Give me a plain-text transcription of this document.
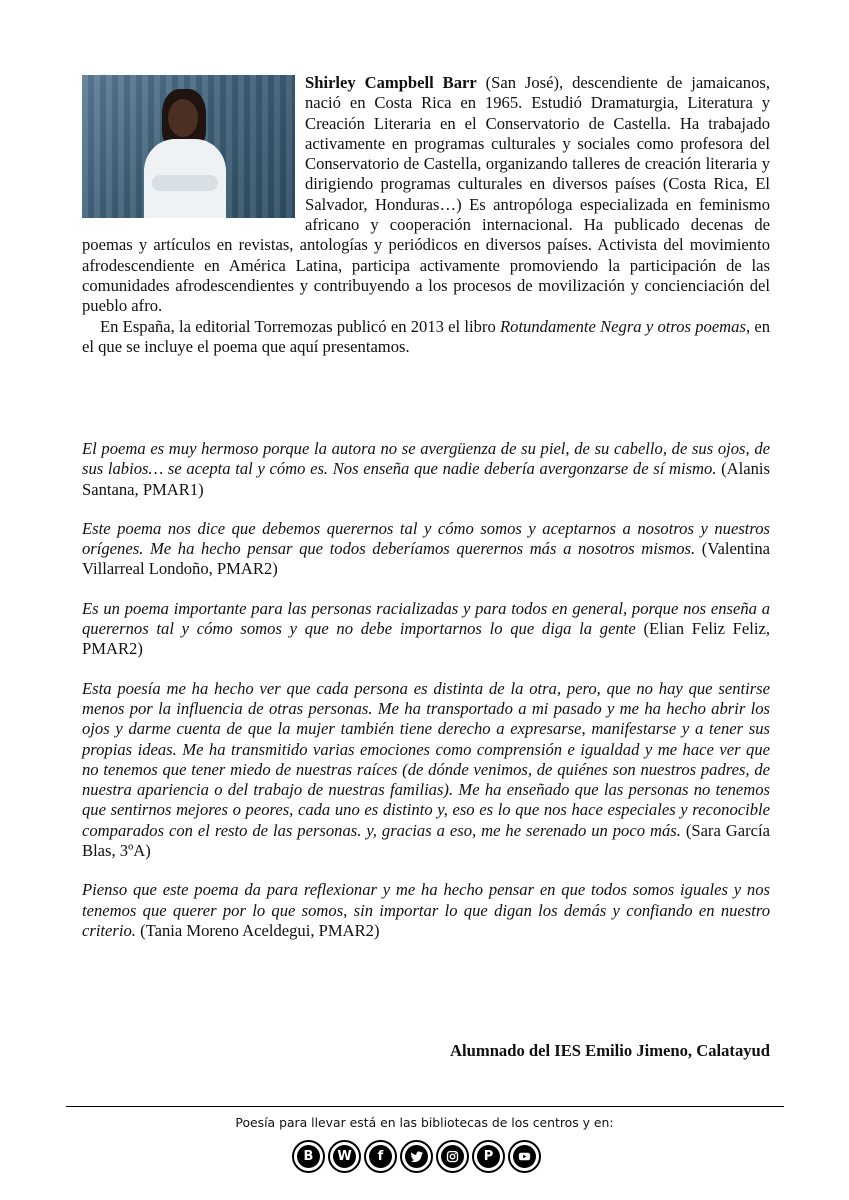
Shirley Campbell Barr (San José), descendiente de jamaicanos, nació en Costa Rica en 1965. Estudió Dramaturgia, Literatura y Creación Literaria en el Conservatorio de Castella. Ha trabajado activamente en programas culturales y sociales como profesora del Conservatorio de Castella, organizando talleres de creación literaria y dirigiendo programas culturales en diversos países (Costa Rica, El Salvador, Honduras…) Es antropóloga especializada en feminismo africano y cooperación internacional. Ha publicado decenas de poemas y artículos en revistas, antologías y periódicos en diversos países. Activista del movimiento afrodescendiente en América Latina, participa activamente promoviendo la participación de las comunidades afrodescendientes y contribuyendo a los procesos de movilización y concienciación del pueblo afro.

En España, la editorial Torremozas publicó en 2013 el libro Rotundamente Negra y otros poemas, en el que se incluye el poema que aquí presentamos.

El poema es muy hermoso porque la autora no se avergüenza de su piel, de su cabello, de sus ojos, de sus labios… se acepta tal y cómo es. Nos enseña que nadie debería avergonzarse de sí mismo. (Alanis Santana, PMAR1)

Este poema nos dice que debemos querernos tal y cómo somos y aceptarnos a nosotros y nuestros orígenes. Me ha hecho pensar que todos deberíamos querernos más a nosotros mismos. (Valentina Villarreal Londoño, PMAR2)

Es un poema importante para las personas racializadas y para todos en general, porque nos enseña a querernos tal y cómo somos y que no debe importarnos lo que diga la gente (Elian Feliz Feliz, PMAR2)

Esta poesía me ha hecho ver que cada persona es distinta de la otra, pero, que no hay que sentirse menos por la influencia de otras personas. Me ha transportado a mi pasado y me ha hecho abrir los ojos y darme cuenta de que la mujer también tiene derecho a expresarse, manifestarse y a tener sus propias ideas. Me ha transmitido varias emociones como comprensión e igualdad y me hace ver que no tenemos que tener miedo de nuestras raíces (de dónde venimos, de quiénes son nuestros padres, de nuestra apariencia o del trabajo de nuestras familias). Me ha enseñado que las personas no tenemos que sentirnos mejores o peores, cada uno es distinto y, eso es lo que nos hace especiales y reconocible comparados con el resto de las personas. y, gracias a eso, me he serenado un poco más. (Sara García Blas, 3ºA)

Pienso que este poema da para reflexionar y me ha hecho pensar en que todos somos iguales y nos tenemos que querer por lo que somos, sin importar lo que digan los demás y confiando en nuestro criterio. (Tania Moreno Aceldegui, PMAR2)

Alumnado del IES Emilio Jimeno, Calatayud
Poesía para llevar está en las bibliotecas de los centros y en:
B	W	f	P
